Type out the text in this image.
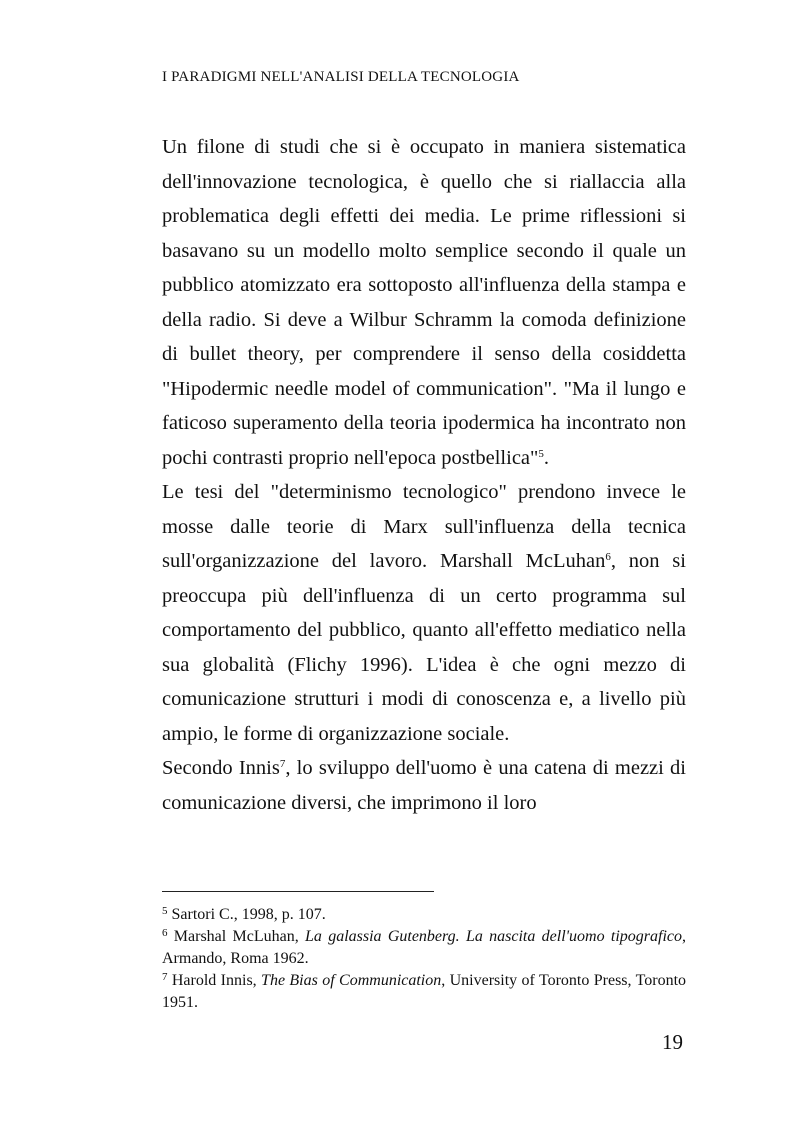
I PARADIGMI NELL'ANALISI DELLA TECNOLOGIA

Un filone di studi che si è occupato in maniera sistematica dell'innovazione tecnologica, è quello che si riallaccia alla problematica degli effetti dei media. Le prime riflessioni si basavano su un modello molto semplice secondo il quale un pubblico atomizzato era sottoposto all'influenza della stampa e della radio. Si deve a Wilbur Schramm la comoda definizione di bullet theory, per comprendere il senso della cosiddetta "Hipodermic needle model of communication". "Ma il lungo e faticoso superamento della teoria ipodermica ha incontrato non pochi contrasti proprio nell'epoca postbellica"$^5$.

Le tesi del "determinismo tecnologico" prendono invece le mosse dalle teorie di Marx sull'influenza della tecnica sull'organizzazione del lavoro. Marshall McLuhan$^6$, non si preoccupa più dell'influenza di un certo programma sul comportamento del pubblico, quanto all'effetto mediatico nella sua globalità (Flichy 1996). L'idea è che ogni mezzo di comunicazione strutturi i modi di conoscenza e, a livello più ampio, le forme di organizzazione sociale.

Secondo Innis$^7$, lo sviluppo dell'uomo è una catena di mezzi di comunicazione diversi, che imprimono il loro

$^5$ Sartori C., 1998, p. 107.

$^6$ Marshal McLuhan, La galassia Gutenberg. La nascita dell'uomo tipografico, Armando, Roma 1962.

$^7$ Harold Innis, The Bias of Communication, University of Toronto Press, Toronto 1951.

19
